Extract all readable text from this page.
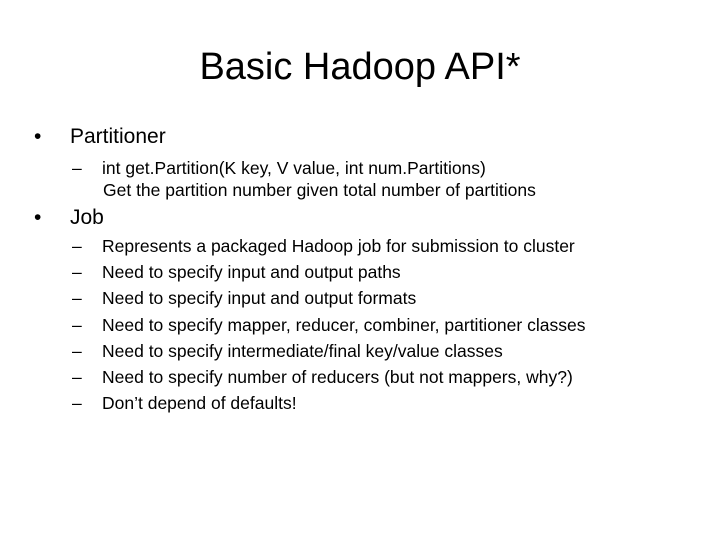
Basic Hadoop API*
• Partitioner
– int get.Partition(K key, V value, int num.Partitions)
Get the partition number given total number of partitions
• Job
– Represents a packaged Hadoop job for submission to cluster
– Need to specify input and output paths
– Need to specify input and output formats
– Need to specify mapper, reducer, combiner, partitioner classes
– Need to specify intermediate/final key/value classes
– Need to specify number of reducers (but not mappers, why?)
– Don’t depend of defaults!
